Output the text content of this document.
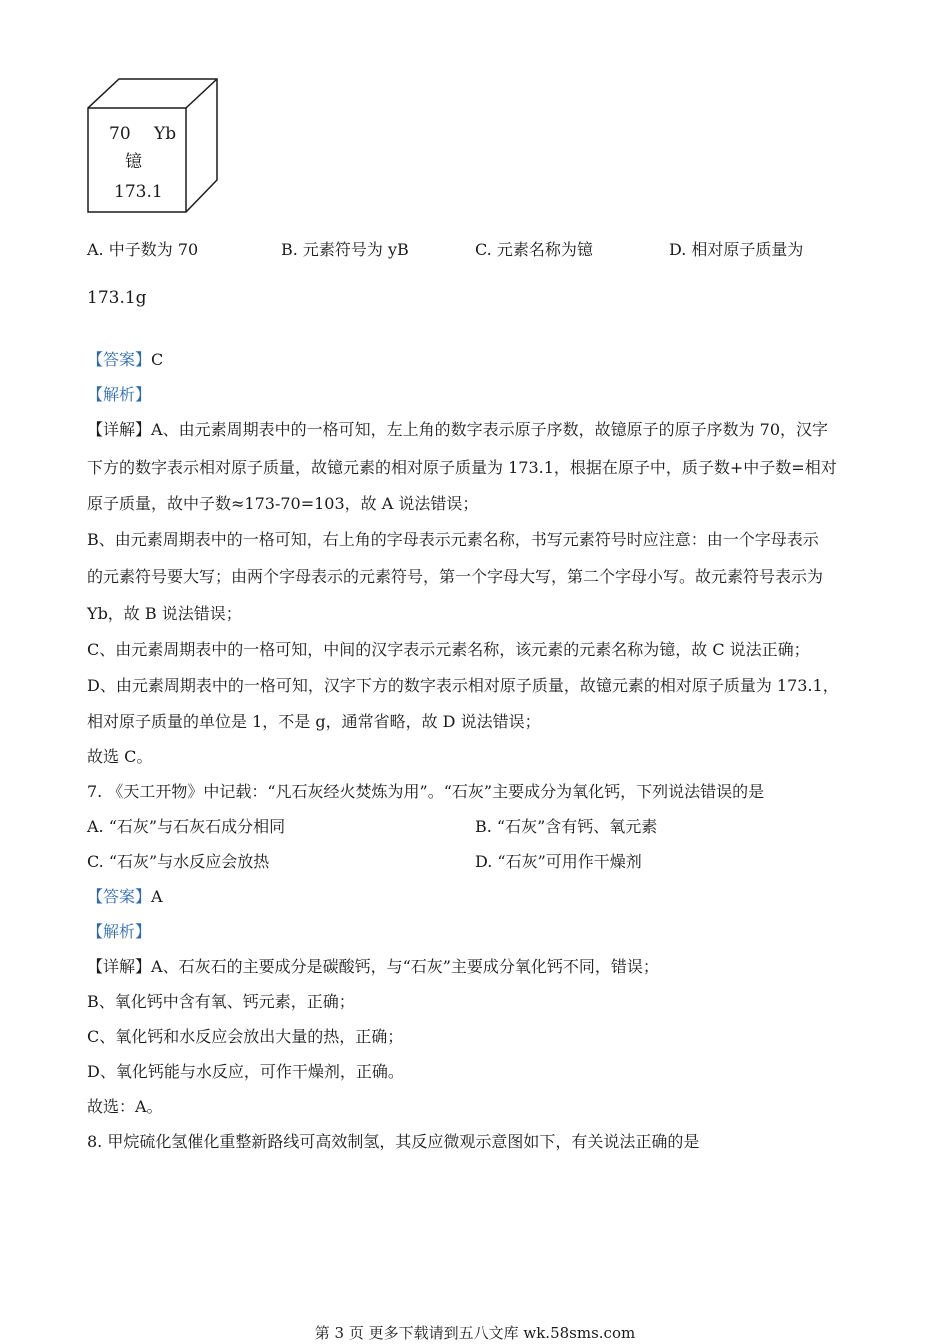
70 Yb
镱
173.1
A. 中子数为 70	B. 元素符号为 yB	C. 元素名称为镱	D. 相对原子质量为
173.1g
【答案】C
【解析】
【详解】A、由元素周期表中的一格可知，左上角的数字表示原子序数，故镱原子的原子序数为 70，汉字
下方的数字表示相对原子质量，故镱元素的相对原子质量为 173.1，根据在原子中，质子数+中子数=相对
原子质量，故中子数≈173-70=103，故 A 说法错误；
B、由元素周期表中的一格可知，右上角的字母表示元素名称，书写元素符号时应注意：由一个字母表示
的元素符号要大写；由两个字母表示的元素符号，第一个字母大写，第二个字母小写。故元素符号表示为
Yb，故 B 说法错误；
C、由元素周期表中的一格可知，中间的汉字表示元素名称，该元素的元素名称为镱，故 C 说法正确；
D、由元素周期表中的一格可知，汉字下方的数字表示相对原子质量，故镱元素的相对原子质量为 173.1，
相对原子质量的单位是 1，不是 g，通常省略，故 D 说法错误；
故选 C。
7. 《天工开物》中记载：“凡石灰经火焚炼为用”。“石灰”主要成分为氧化钙，下列说法错误的是
A. “石灰”与石灰石成分相同	B. “石灰”含有钙、氧元素
C. “石灰”与水反应会放热	D. “石灰”可用作干燥剂
【答案】A
【解析】
【详解】A、石灰石的主要成分是碳酸钙，与“石灰”主要成分氧化钙不同，错误；
B、氧化钙中含有氧、钙元素，正确；
C、氧化钙和水反应会放出大量的热，正确；
D、氧化钙能与水反应，可作干燥剂，正确。
故选：A。
8. 甲烷硫化氢催化重整新路线可高效制氢，其反应微观示意图如下，有关说法正确的是
第 3 页 更多下载请到五八文库 wk.58sms.com
